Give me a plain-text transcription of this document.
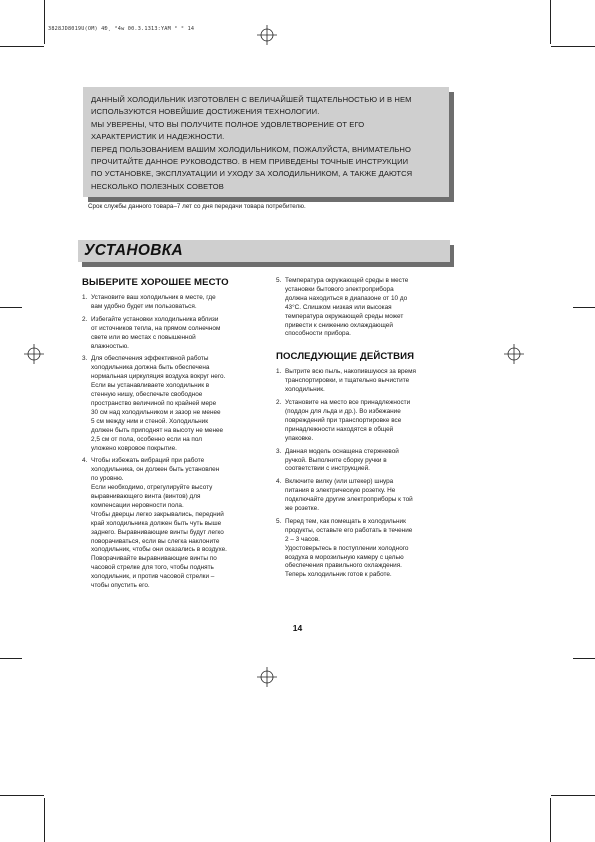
3828JD8019U(OM) 4Ð¸ °4w 00.3.1313:YAM ° ° 14
ДАННЫЙ ХОЛОДИЛЬНИК ИЗГОТОВЛЕН С ВЕЛИЧАЙШЕЙ ТЩАТЕЛЬНОСТЬЮ И В НЕМ
ИСПОЛЬЗУЮТСЯ НОВЕЙШИЕ ДОСТИЖЕНИЯ ТЕХНОЛОГИИ.
МЫ УВЕРЕНЫ, ЧТО ВЫ ПОЛУЧИТЕ ПОЛНОЕ УДОВЛЕТВОРЕНИЕ ОТ ЕГО
ХАРАКТЕРИСТИК И НАДЕЖНОСТИ.
ПЕРЕД ПОЛЬЗОВАНИЕМ ВАШИМ ХОЛОДИЛЬНИКОМ, ПОЖАЛУЙСТА, ВНИМАТЕЛЬНО
ПРОЧИТАЙТЕ ДАННОЕ РУКОВОДСТВО. В НЕМ ПРИВЕДЕНЫ ТОЧНЫЕ ИНСТРУКЦИИ
ПО УСТАНОВКЕ, ЭКСПЛУАТАЦИИ И УХОДУ ЗА ХОЛОДИЛЬНИКОМ, А ТАКЖЕ ДАЮТСЯ
НЕСКОЛЬКО ПОЛЕЗНЫХ СОВЕТОВ
Срок службы данного товара–7 лет со дня передачи товара потребителю.
УСТАНОВКА
ВЫБЕРИТЕ ХОРОШЕЕ МЕСТО
1. Установите ваш холодильник в месте, где
вам удобно будет им пользоваться.
2. Избегайте установки холодильника вблизи
от источников тепла, на прямом солнечном
свете или во местах с повышенной
влажностью.
3. Для обеспечения эффективной работы
холодильника должна быть обеспечена
нормальная циркуляция воздуха вокруг него.
Если вы устанавливаете холодильник в
стенную нишу, обеспечьте свободное
пространство величиной по крайней мере
30 см над холодильником и зазор не менее
5 см между ним и стеной. Холодильник
должен быть приподнят на высоту не менее
2,5 см от пола, особенно если на пол
уложено ковровое покрытие.
4. Чтобы избежать вибраций при работе
холодильника, он должен быть установлен
по уровню.
Если необходимо, отрегулируйте высоту
выравнивающего винта (винтов) для
компенсации неровности пола.
Чтобы дверцы легко закрывались, передний
край холодильника должен быть чуть выше
заднего. Выравнивающие винты будут легко
поворачиваться, если вы слегка наклоните
холодильник, чтобы они оказались в воздухе.
Поворачивайте выравнивающие винты по
часовой стрелке для того, чтобы поднять
холодильник, и против часовой стрелки –
чтобы опустить его.
5. Температура окружающей среды в месте
установки бытового электроприбора
должна находиться в диапазоне от 10 до
43°С. Слишком низкая или высокая
температура окружающей среды может
привести к снижению охлаждающей
способности прибора.
ПОСЛЕДУЮЩИЕ ДЕЙСТВИЯ
1. Вытрите всю пыль, накопившуюся за время
транспортировки, и тщательно вычистите
холодильник.
2. Установите на место все принадлежности
(поддон для льда и др.). Во избежание
повреждений при транспортировке все
принадлежности находятся в общей
упаковке.
3. Данная модель оснащена стержневой
ручкой. Выполните сборку ручки в
соответствии с инструкцией.
4. Включите вилку (или штекер) шнура
питания в электрическую розетку. Не
подключайте другие электроприборы к той
же розетке.
5. Перед тем, как помещать в холодильник
продукты, оставьте его работать в течение
2 – 3 часов.
Удостоверьтесь в поступлении холодного
воздуха в морозильную камеру с целью
обеспечения правильного охлаждения.
Теперь холодильник готов к работе.
14
